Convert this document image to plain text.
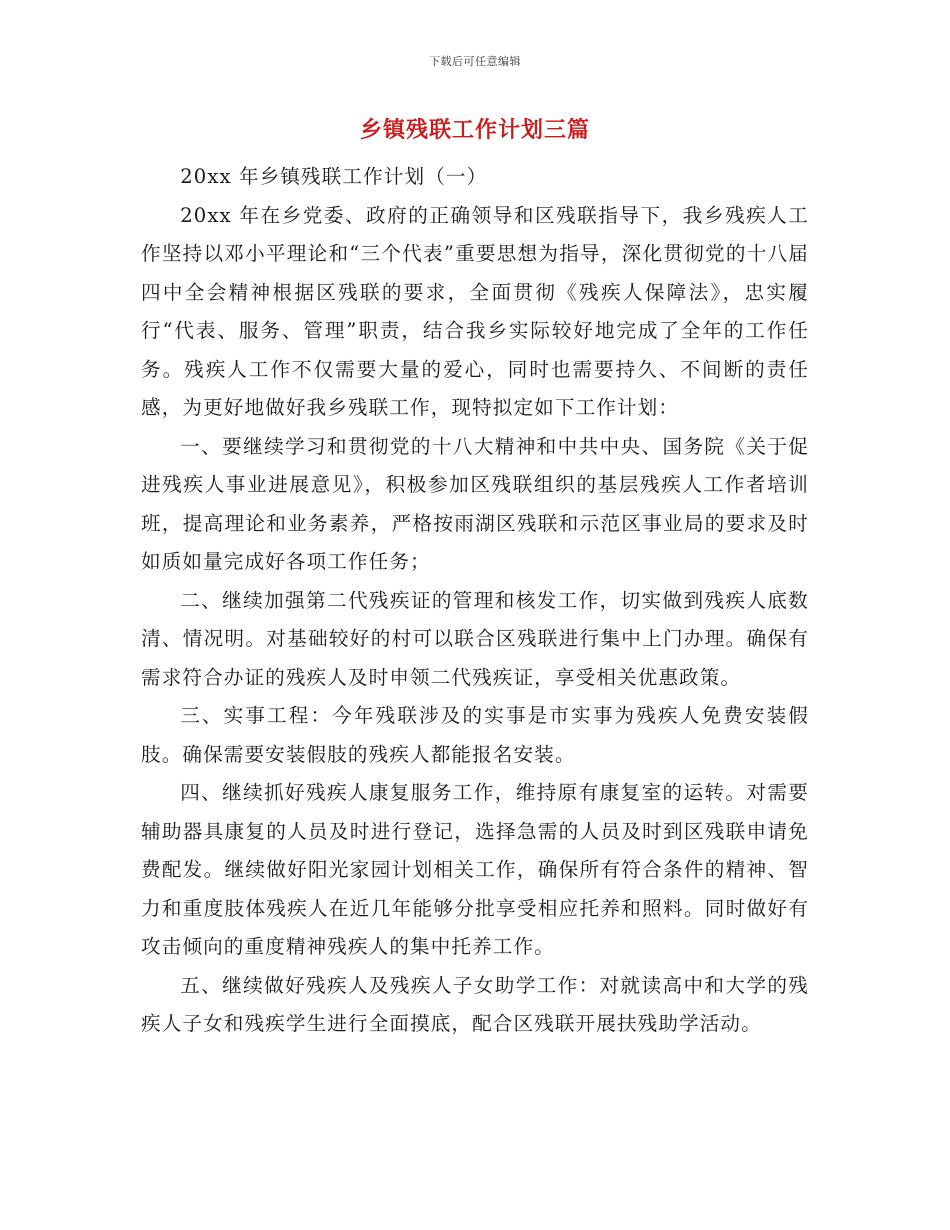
下载后可任意编辑
乡镇残联工作计划三篇

20xx 年乡镇残联工作计划（一）

20xx 年在乡党委、政府的正确领导和区残联指导下，我乡残疾人工作坚持以邓小平理论和“三个代表”重要思想为指导，深化贯彻党的十八届四中全会精神根据区残联的要求，全面贯彻《残疾人保障法》，忠实履行“代表、服务、管理”职责，结合我乡实际较好地完成了全年的工作任务。残疾人工作不仅需要大量的爱心，同时也需要持久、不间断的责任感，为更好地做好我乡残联工作，现特拟定如下工作计划：

一、要继续学习和贯彻党的十八大精神和中共中央、国务院《关于促进残疾人事业进展意见》，积极参加区残联组织的基层残疾人工作者培训班，提高理论和业务素养，严格按雨湖区残联和示范区事业局的要求及时如质如量完成好各项工作任务；

二、继续加强第二代残疾证的管理和核发工作，切实做到残疾人底数清、情况明。对基础较好的村可以联合区残联进行集中上门办理。确保有需求符合办证的残疾人及时申领二代残疾证，享受相关优惠政策。

三、实事工程：今年残联涉及的实事是市实事为残疾人免费安装假肢。确保需要安装假肢的残疾人都能报名安装。

四、继续抓好残疾人康复服务工作，维持原有康复室的运转。对需要辅助器具康复的人员及时进行登记，选择急需的人员及时到区残联申请免费配发。继续做好阳光家园计划相关工作，确保所有符合条件的精神、智力和重度肢体残疾人在近几年能够分批享受相应托养和照料。同时做好有攻击倾向的重度精神残疾人的集中托养工作。

五、继续做好残疾人及残疾人子女助学工作：对就读高中和大学的残疾人子女和残疾学生进行全面摸底，配合区残联开展扶残助学活动。
